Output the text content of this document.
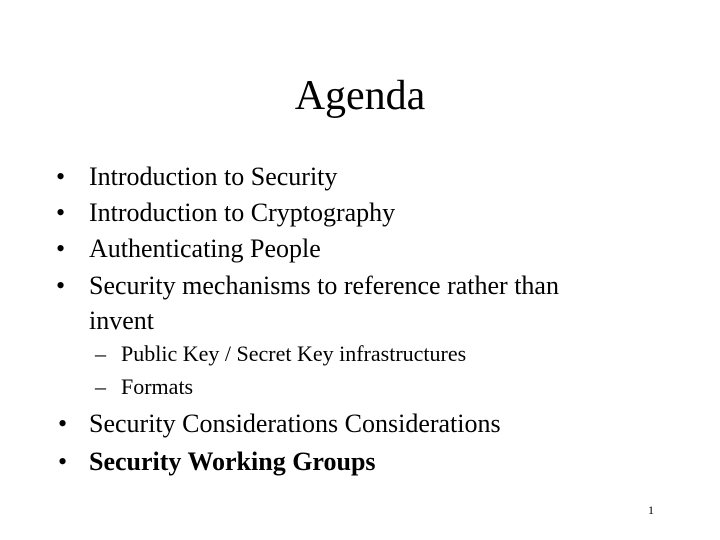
Agenda
• Introduction to Security
• Introduction to Cryptography
• Authenticating People
• Security mechanisms to reference rather than
invent
– Public Key / Secret Key infrastructures
– Formats
• Security Considerations Considerations
• Security Working Groups
1
